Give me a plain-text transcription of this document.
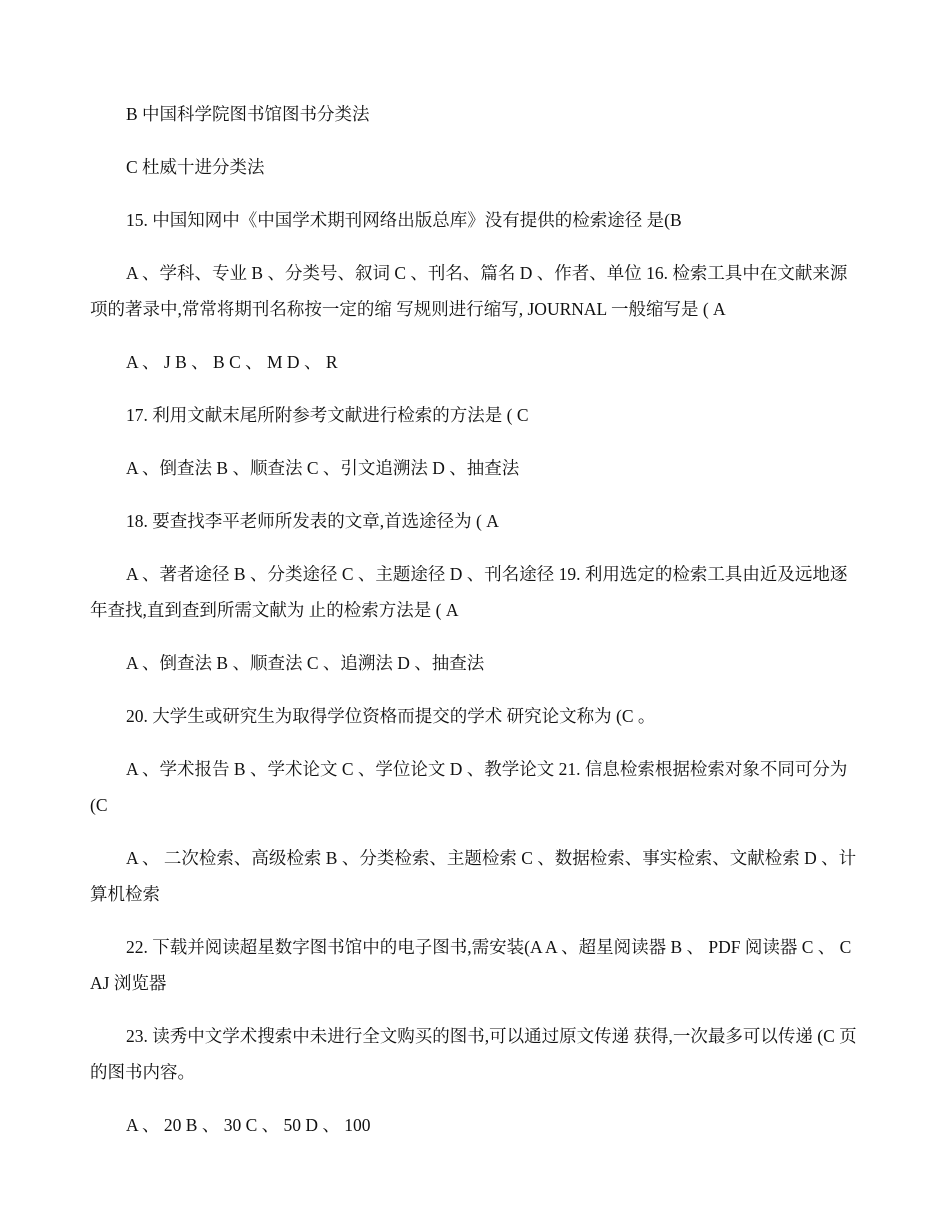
B 中国科学院图书馆图书分类法

C 杜威十进分类法

15. 中国知网中《中国学术期刊网络出版总库》没有提供的检索途径 是(B

A 、学科、专业 B 、分类号、叙词 C 、刊名、篇名 D 、作者、单位 16. 检索工具中在文献来源项的著录中,常常将期刊名称按一定的缩 写规则进行缩写, JOURNAL 一般缩写是 ( A

A 、 J B 、 B C 、 M D 、 R

17. 利用文献末尾所附参考文献进行检索的方法是 ( C

A 、倒查法 B 、顺查法 C 、引文追溯法 D 、抽查法

18. 要查找李平老师所发表的文章,首选途径为 ( A

A 、著者途径 B 、分类途径 C 、主题途径 D 、刊名途径 19. 利用选定的检索工具由近及远地逐年查找,直到查到所需文献为 止的检索方法是 ( A

A 、倒查法 B 、顺查法 C 、追溯法 D 、抽查法

20. 大学生或研究生为取得学位资格而提交的学术 研究论文称为 (C 。

A 、学术报告 B 、学术论文 C 、学位论文 D 、教学论文 21. 信息检索根据检索对象不同可分为(C

A 、 二次检索、高级检索 B 、分类检索、主题检索 C 、数据检索、事实检索、文献检索 D 、计算机检索

22. 下载并阅读超星数字图书馆中的电子图书,需安装(A A 、超星阅读器 B 、 PDF 阅读器 C 、 CAJ 浏览器

23. 读秀中文学术搜索中未进行全文购买的图书,可以通过原文传递 获得,一次最多可以传递 (C 页的图书内容。

A 、 20 B 、 30 C 、 50 D 、 100
